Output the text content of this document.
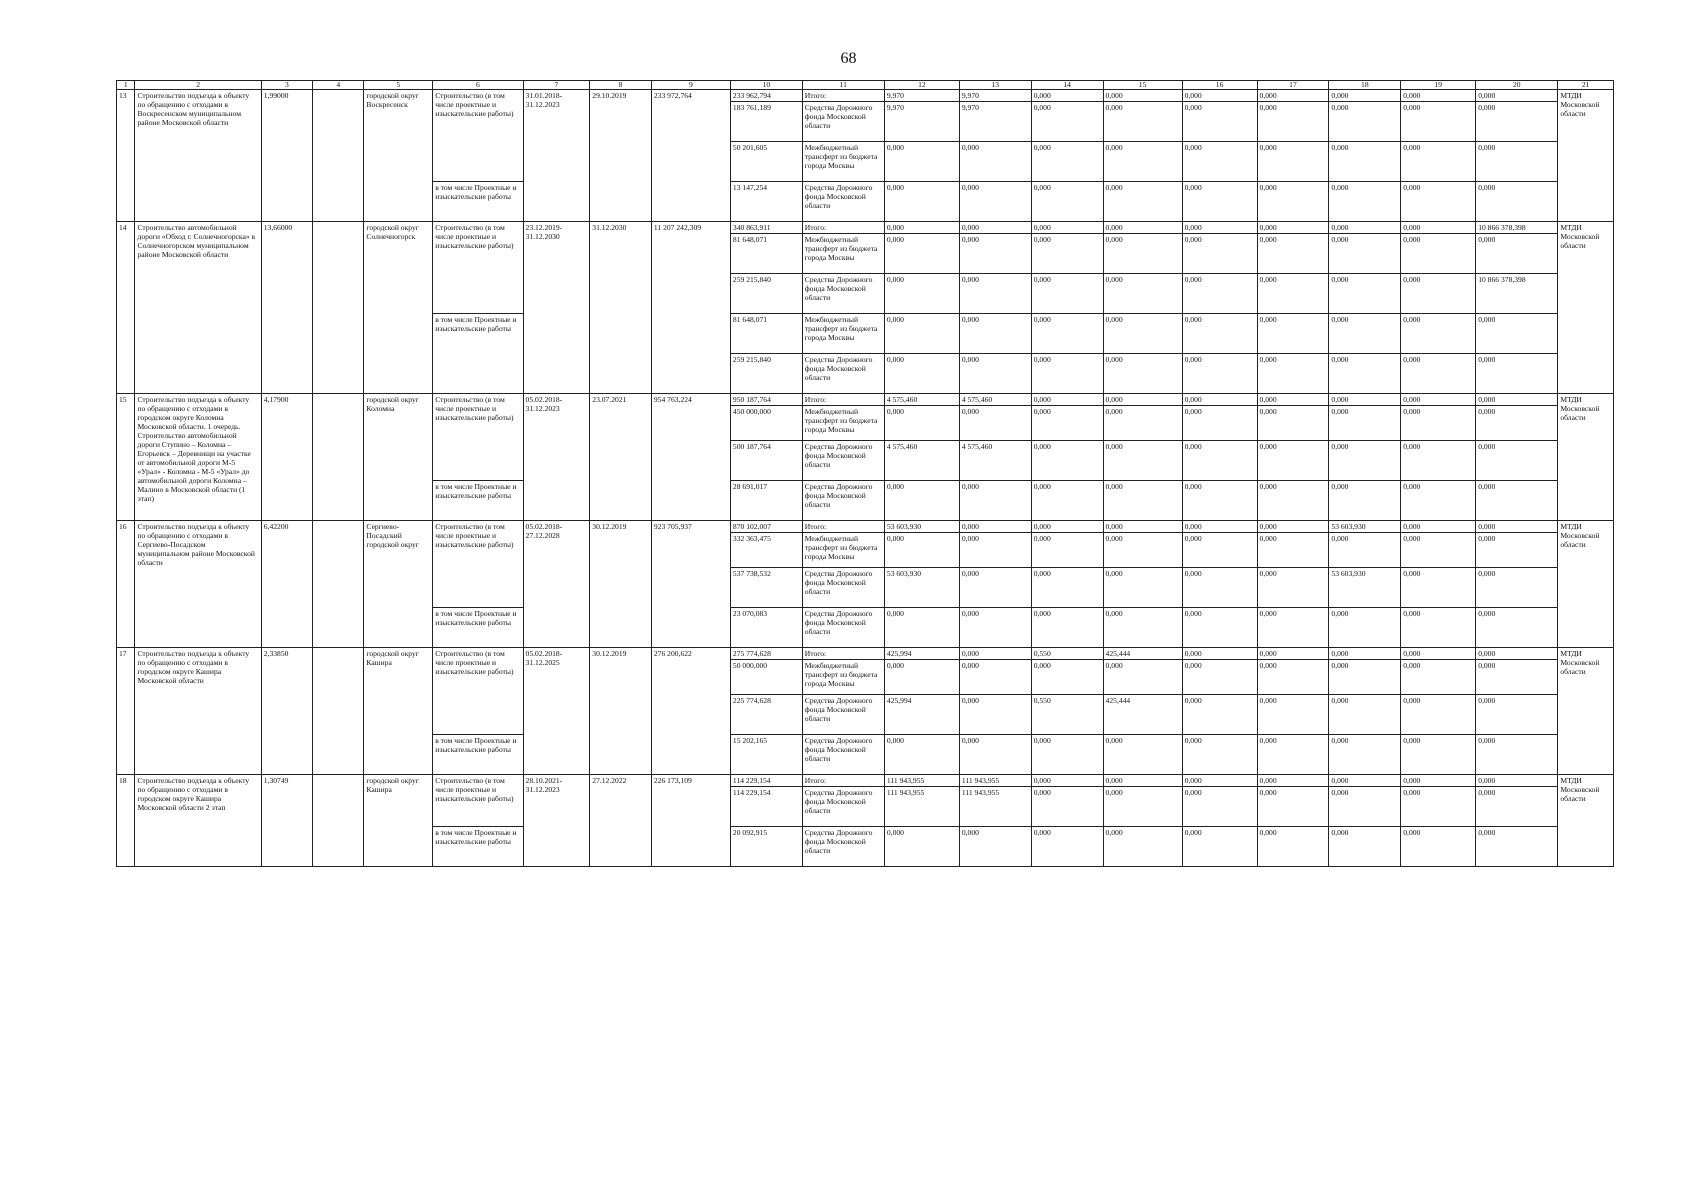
68
1	2	3	4	5	6	7	8	9	10	11	12	13	14	15	16	17	18	19	20	21
13	Строительство подъезда к объекту по обращению с отходами в Воскресенском муниципальном районе Московской области	1,99000		городской округ Воскресенск	Строительство (в том числе проектные и изыскательские работы)	31.01.2018-31.12.2023	29.10.2019	233 972,764	233 962,794	Итого:	9,970	9,970	0,000	0,000	0,000	0,000	0,000	0,000	0,000	МТДИ Московской области
									183 761,189	Средства Дорожного фонда Московской области	9,970	9,970	0,000	0,000	0,000	0,000	0,000	0,000	0,000	
									50 201,605	Межбюджетный трансферт из бюджета города Москвы	0,000	0,000	0,000	0,000	0,000	0,000	0,000	0,000	0,000	
					в том числе Проектные и изыскательские работы				13 147,254	Средства Дорожного фонда Московской области	0,000	0,000	0,000	0,000	0,000	0,000	0,000	0,000	0,000	
14	Строительство автомобильной дороги «Обход г. Солнечногорска» в Солнечногорском муниципальном районе Московской области	13,66000		городской округ Солнечногорск	Строительство (в том числе проектные и изыскательские работы)	23.12.2019-31.12.2030	31.12.2030	11 207 242,309	340 863,911	Итого:	0,000	0,000	0,000	0,000	0,000	0,000	0,000	0,000	10 866 378,398	МТДИ Московской области
									81 648,071	Межбюджетный трансферт из бюджета города Москвы	0,000	0,000	0,000	0,000	0,000	0,000	0,000	0,000	0,000	
									259 215,840	Средства Дорожного фонда Московской области	0,000	0,000	0,000	0,000	0,000	0,000	0,000	0,000	10 866 378,398	
					в том числе Проектные и изыскательские работы				81 648,071	Межбюджетный трансферт из бюджета города Москвы	0,000	0,000	0,000	0,000	0,000	0,000	0,000	0,000	0,000	
									259 215,840	Средства Дорожного фонда Московской области	0,000	0,000	0,000	0,000	0,000	0,000	0,000	0,000	0,000	
15	Строительство подъезда к объекту по обращению с отходами в городском округе Коломна Московской области. 1 очередь. Строительство автомобильной дороги Ступино – Коломна – Егорьевск – Деревнищи на участке от автомобильной дороги М-5 «Урал» - Коломна - М-5 «Урал» до автомобильной дороги Коломна – Малино в Московской области (1 этап)	4,17900		городской округ Коломна	Строительство (в том числе проектные и изыскательские работы)	05.02.2018-31.12.2023	23.07.2021	954 763,224	950 187,764	Итого:	4 575,460	4 575,460	0,000	0,000	0,000	0,000	0,000	0,000	0,000	МТДИ Московской области
									450 000,000	Межбюджетный трансферт из бюджета города Москвы	0,000	0,000	0,000	0,000	0,000	0,000	0,000	0,000	0,000	
									500 187,764	Средства Дорожного фонда Московской области	4 575,460	4 575,460	0,000	0,000	0,000	0,000	0,000	0,000	0,000	
					в том числе Проектные и изыскательские работы				28 691,017	Средства Дорожного фонда Московской области	0,000	0,000	0,000	0,000	0,000	0,000	0,000	0,000	0,000	
16	Строительство подъезда к объекту по обращению с отходами в Сергиево-Посадском муниципальном районе Московской области	6,42200		Сергиево-Посадский городской округ	Строительство (в том числе проектные и изыскательские работы)	05.02.2018-27.12.2028	30.12.2019	923 705,937	870 102,007	Итого:	53 603,930	0,000	0,000	0,000	0,000	0,000	53 603,930	0,000	0,000	МТДИ Московской области
									332 363,475	Межбюджетный трансферт из бюджета города Москвы	0,000	0,000	0,000	0,000	0,000	0,000	0,000	0,000	0,000	
									537 738,532	Средства Дорожного фонда Московской области	53 603,930	0,000	0,000	0,000	0,000	0,000	53 603,930	0,000	0,000	
					в том числе Проектные и изыскательские работы				23 070,083	Средства Дорожного фонда Московской области	0,000	0,000	0,000	0,000	0,000	0,000	0,000	0,000	0,000	
17	Строительство подъезда к объекту по обращению с отходами в городском округе Кашира Московской области	2,33850		городской округ Кашира	Строительство (в том числе проектные и изыскательские работы)	05.02.2018-31.12.2025	30.12.2019	276 200,622	275 774,628	Итого:	425,994	0,000	0,550	425,444	0,000	0,000	0,000	0,000	0,000	МТДИ Московской области
									50 000,000	Межбюджетный трансферт из бюджета города Москвы	0,000	0,000	0,000	0,000	0,000	0,000	0,000	0,000	0,000	
									225 774,628	Средства Дорожного фонда Московской области	425,994	0,000	0,550	425,444	0,000	0,000	0,000	0,000	0,000	
					в том числе Проектные и изыскательские работы				15 202,165	Средства Дорожного фонда Московской области	0,000	0,000	0,000	0,000	0,000	0,000	0,000	0,000	0,000	
18	Строительство подъезда к объекту по обращению с отходами в городском округе Кашира Московской области 2 этап	1,30749		городской округ Кашира	Строительство (в том числе проектные и изыскательские работы)	28.10.2021-31.12.2023	27.12.2022	226 173,109	114 229,154	Итого:	111 943,955	111 943,955	0,000	0,000	0,000	0,000	0,000	0,000	0,000	МТДИ Московской области
									114 229,154	Средства Дорожного фонда Московской области	111 943,955	111 943,955	0,000	0,000	0,000	0,000	0,000	0,000	0,000	
					в том числе Проектные и изыскательские работы				20 092,915	Средства Дорожного фонда Московской области	0,000	0,000	0,000	0,000	0,000	0,000	0,000	0,000	0,000	
